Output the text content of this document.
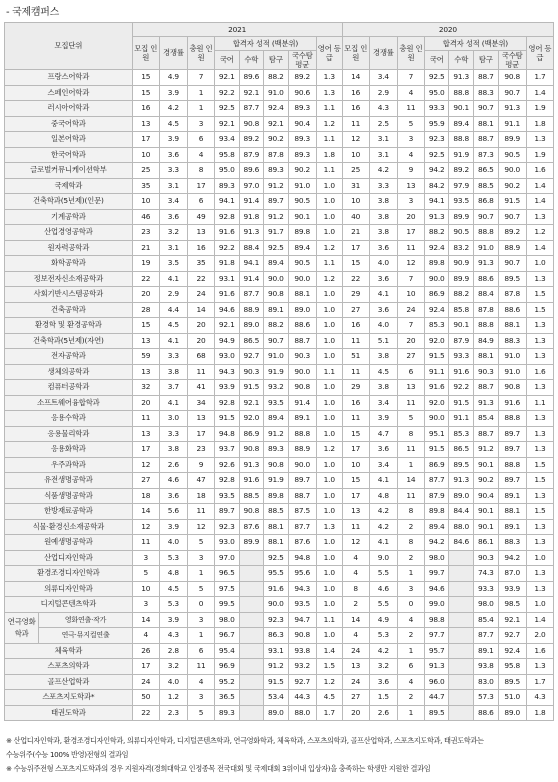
- 국제캠퍼스
모집단위		2021								2020							
		모집 인원	경쟁률	충원 인원	합격자 성적 (백분위)				영어 등급	모집 인원	경쟁률	충원 인원	합격자 성적 (백분위)				영어 등급
					국어	수학	탐구	국수탐 평균					국어	수학	탐구	국수탐 평균	
프랑스어학과		15	4.9	7	92.1	89.6	88.2	89.2	1.3	14	3.4	7	92.5	91.3	88.7	90.8	1.7
스페인어학과		15	3.9	1	92.2	92.1	91.0	90.6	1.3	16	2.9	4	95.0	88.8	88.3	90.7	1.4
러시아어학과		16	4.2	1	92.5	87.7	92.4	89.3	1.1	16	4.3	11	93.3	90.1	90.7	91.3	1.9
중국어학과		13	4.5	3	92.1	90.8	92.1	90.4	1.2	11	2.5	5	95.9	89.4	88.1	91.1	1.8
일본어학과		17	3.9	6	93.4	89.2	90.2	89.3	1.1	12	3.1	3	92.3	88.8	88.7	89.9	1.3
한국어학과		10	3.6	4	95.8	87.9	87.8	89.3	1.8	10	3.1	4	92.5	91.9	87.3	90.5	1.9
글로벌커뮤니케이션학부		25	3.3	8	95.0	89.6	89.3	90.2	1.1	25	4.2	9	94.2	89.2	86.5	90.0	1.6
국제학과		35	3.1	17	89.3	97.0	91.2	91.0	1.0	31	3.3	13	84.2	97.9	88.5	90.2	1.4
건축학과(5년제)(인문)		10	3.4	6	94.1	91.4	89.7	90.5	1.0	10	3.8	3	94.1	93.5	86.8	91.5	1.4
기계공학과		46	3.6	49	92.8	91.8	91.2	90.1	1.0	40	3.8	20	91.3	89.9	90.7	90.7	1.3
산업경영공학과		23	3.2	13	91.6	91.3	91.7	89.8	1.0	21	3.8	17	88.2	90.5	88.8	89.2	1.2
원자력공학과		21	3.1	16	92.2	88.4	92.5	89.4	1.2	17	3.6	11	92.4	83.2	91.0	88.9	1.4
화학공학과		19	3.5	35	91.8	94.1	89.4	90.5	1.1	15	4.0	12	89.8	90.9	91.3	90.7	1.0
정보전자신소재공학과		22	4.1	22	93.1	91.4	90.0	90.0	1.2	22	3.6	7	90.0	89.9	88.6	89.5	1.3
사회기반시스템공학과		20	2.9	24	91.6	87.7	90.8	88.1	1.0	29	4.1	10	86.9	88.2	88.4	87.8	1.5
건축공학과		28	4.4	14	94.6	88.9	89.1	89.0	1.0	27	3.6	24	92.4	85.8	87.8	88.6	1.5
환경학 및 환경공학과		15	4.5	20	92.1	89.0	88.2	88.6	1.0	16	4.0	7	85.3	90.1	88.8	88.1	1.3
건축학과(5년제)(자연)		13	4.1	20	94.9	86.5	90.7	88.7	1.0	11	5.1	20	92.0	87.9	84.9	88.3	1.3
전자공학과		59	3.3	68	93.0	92.7	91.0	90.3	1.0	51	3.8	27	91.5	93.3	88.1	91.0	1.3
생체의공학과		13	3.8	11	94.3	90.3	91.9	90.0	1.1	11	4.5	6	91.1	91.6	90.3	91.0	1.6
컴퓨터공학과		32	3.7	41	93.9	91.5	93.2	90.8	1.0	29	3.8	13	91.6	92.2	88.7	90.8	1.3
소프트웨어융합학과		20	4.1	34	92.8	92.1	93.5	91.4	1.0	16	3.4	11	92.0	91.5	91.3	91.6	1.1
응용수학과		11	3.0	13	91.5	92.0	89.4	89.1	1.0	11	3.9	5	90.0	91.1	85.4	88.8	1.3
응용물리학과		13	3.3	17	94.8	86.9	91.2	88.8	1.0	15	4.7	8	95.1	85.3	88.7	89.7	1.3
응용화학과		17	3.8	23	93.7	90.8	89.3	88.9	1.2	17	3.6	11	91.5	86.5	91.2	89.7	1.3
우주과학과		12	2.6	9	92.6	91.3	90.8	90.0	1.0	10	3.4	1	86.9	89.5	90.1	88.8	1.5
유전생명공학과		27	4.6	47	92.8	91.6	91.9	89.7	1.0	15	4.1	14	87.7	91.3	90.2	89.7	1.5
식품생명공학과		18	3.6	18	93.5	88.5	89.8	88.7	1.0	17	4.8	11	87.9	89.0	90.4	89.1	1.3
한방재료공학과		14	5.6	11	89.7	90.8	88.5	87.5	1.0	13	4.2	8	89.8	84.4	90.1	88.1	1.5
식물·환경신소재공학과		12	3.9	12	92.3	87.6	88.1	87.7	1.3	11	4.2	2	89.4	88.0	90.1	89.1	1.3
원예생명공학과		11	4.0	5	93.0	89.9	88.1	87.6	1.0	12	4.1	8	94.2	84.6	86.1	88.3	1.3
산업디자인학과		3	5.3	3	97.0		92.5	94.8	1.0	4	9.0	2	98.0		90.3	94.2	1.0
환경조경디자인학과		5	4.8	1	96.5		95.5	95.6	1.0	4	5.5	1	99.7		74.3	87.0	1.3
의류디자인학과		10	4.5	5	97.5		91.6	94.3	1.0	8	4.6	3	94.6		93.3	93.9	1.3
디지털콘텐츠학과		3	5.3	0	99.5		90.0	93.5	1.0	2	5.5	0	99.0		98.0	98.5	1.0
연극영화학과	영화연출·작가	14	3.9	3	98.0		92.3	94.7	1.1	14	4.9	4	98.8		85.4	92.1	1.4
	연극·뮤지컬연출	4	4.3	1	96.7		86.3	90.8	1.0	4	5.3	2	97.7		87.7	92.7	2.0
체육학과		26	2.8	6	95.4		93.1	93.8	1.4	24	4.2	1	95.7		89.1	92.4	1.6
스포츠의학과		17	3.2	11	96.9		91.2	93.2	1.5	13	3.2	6	91.3		93.8	95.8	1.3
골프산업학과		24	4.0	4	95.2		91.5	92.7	1.2	24	3.6	4	96.0		83.0	89.5	1.7
스포츠지도학과*		50	1.2	3	36.5		53.4	44.3	4.5	27	1.5	2	44.7		57.3	51.0	4.3
태권도학과		22	2.3	5	89.3		89.0	88.0	1.7	20	2.6	1	89.5		88.6	89.0	1.8
※ 산업디자인학과, 환경조경디자인학과, 의류디자인학과, 디지털콘텐츠학과, 연극영화학과, 체육학과, 스포츠의학과, 골프산업학과, 스포츠지도학과, 태권도학과는
수능위주(수능 100% 반영)전형의 결과임
※ 수능위주전형 스포츠지도학과의 경우 지원자격(경희대학교 인정종목 전국대회 및 국제대회 3위이내 입상자)을 충족하는 학생만 지원한 결과임
